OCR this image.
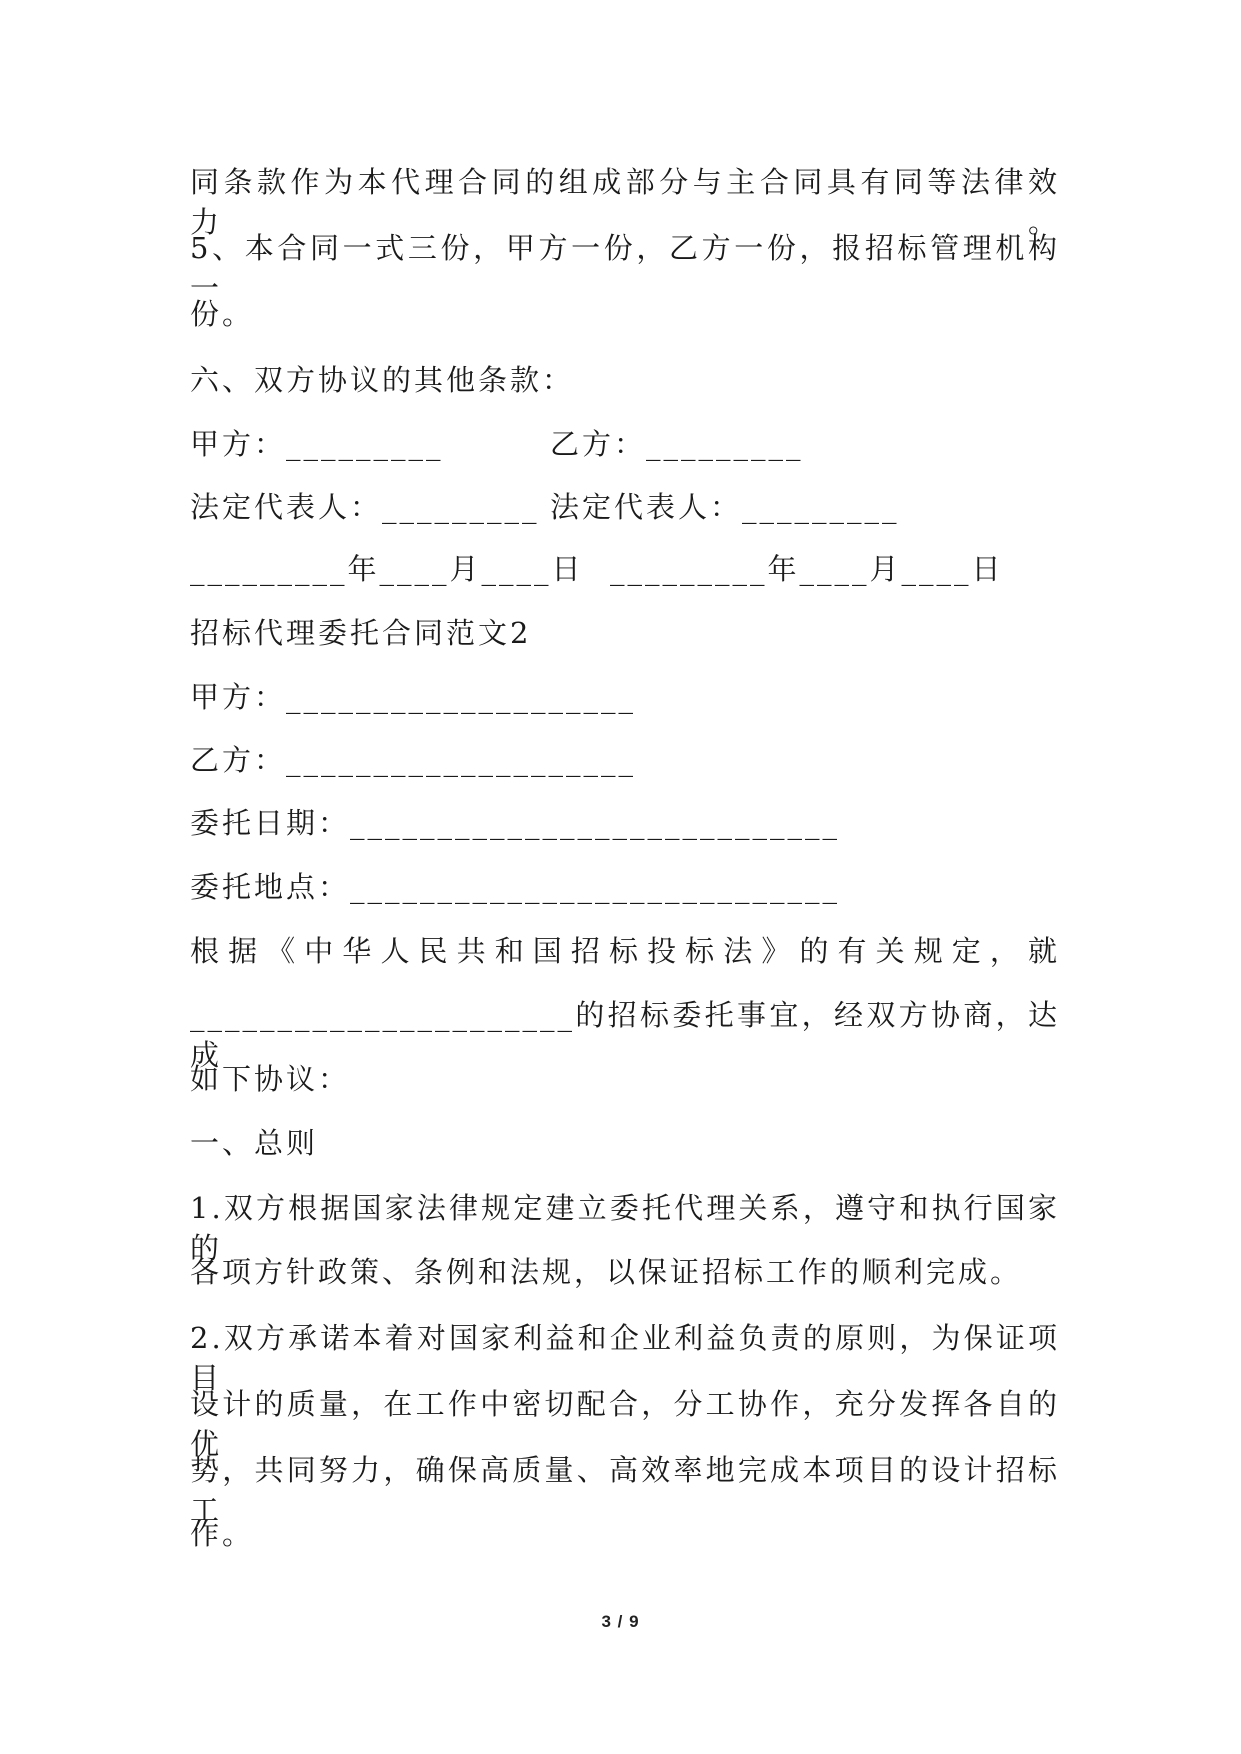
同条款作为本代理合同的组成部分与主合同具有同等法律效力。
5、本合同一式三份，甲方一份，乙方一份，报招标管理机构一
份。
六、双方协议的其他条款：
甲方：_________	乙方：_________
法定代表人：_________ 法定代表人：_________
_________年____月____日 _________年____月____日
招标代理委托合同范文2
甲方：____________________
乙方：____________________
委托日期：____________________________
委托地点：____________________________
根据《中华人民共和国招标投标法》的有关规定，就
______________________的招标委托事宜，经双方协商，达成
如下协议：
一、总则
1.双方根据国家法律规定建立委托代理关系，遵守和执行国家的
各项方针政策、条例和法规，以保证招标工作的顺利完成。
2.双方承诺本着对国家利益和企业利益负责的原则，为保证项目
设计的质量，在工作中密切配合，分工协作，充分发挥各自的优
势，共同努力，确保高质量、高效率地完成本项目的设计招标工
作。
3 / 9
